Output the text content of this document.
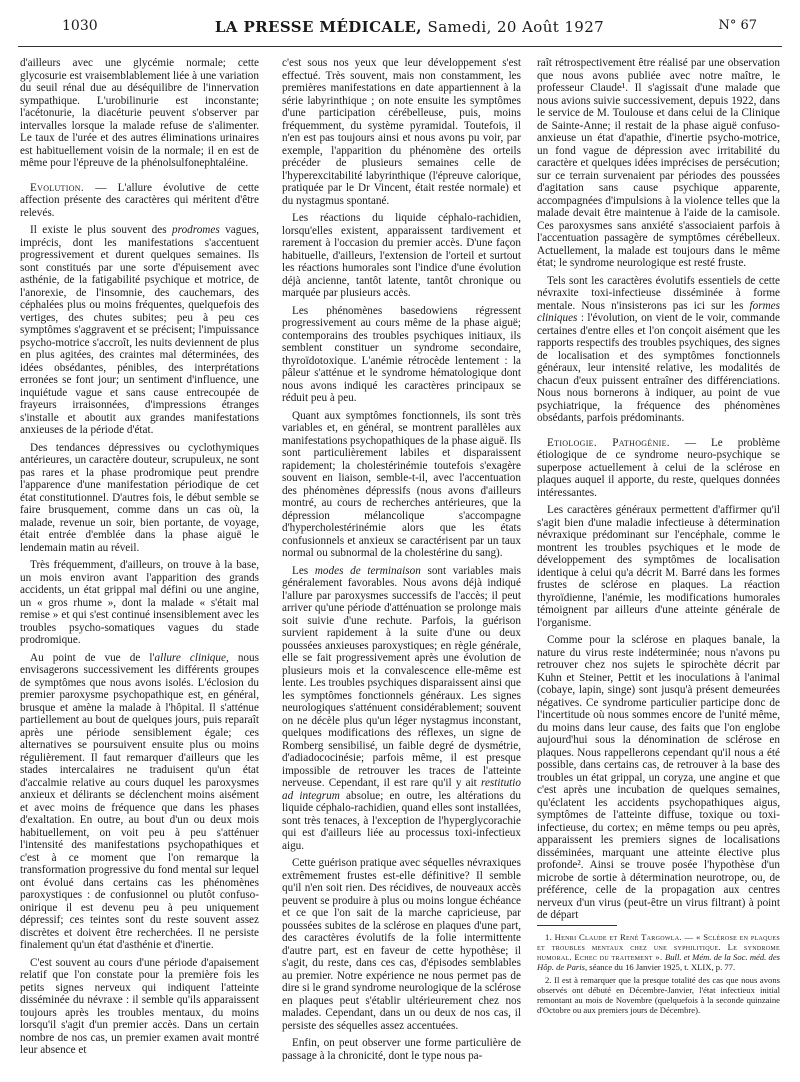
1030	LA PRESSE MÉDICALE, Samedi, 20 Août 1927	N° 67

d'ailleurs avec une glycémie normale; cette glycosurie est vraisemblablement liée à une variation du seuil rénal due au déséquilibre de l'innervation sympathique. L'urobilinurie est inconstante; l'acétonurie, la diacéturie peuvent s'observer par intervalles lorsque la malade refuse de s'alimenter. Le taux de l'urée et des autres éliminations urinaires est habituellement voisin de la normale; il en est de même pour l'épreuve de la phénolsulfonephtaléine.

Evolution. — L'allure évolutive de cette affection présente des caractères qui méritent d'être relevés.

Il existe le plus souvent des prodromes vagues, imprécis, dont les manifestations s'accentuent progressivement et durent quelques semaines. Ils sont constitués par une sorte d'épuisement avec asthénie, de la fatigabilité psychique et motrice, de l'anorexie, de l'insomnie, des cauchemars, des céphalées plus ou moins fréquentes, quelquefois des vertiges, des chutes subites; peu à peu ces symptômes s'aggravent et se précisent; l'impuissance psycho-motrice s'accroît, les nuits deviennent de plus en plus agitées, des craintes mal déterminées, des idées obsédantes, pénibles, des interprétations erronées se font jour; un sentiment d'influence, une inquiétude vague et sans cause entrecoupée de frayeurs irraisonnées, d'impressions étranges s'installe et aboutit aux grandes manifestations anxieuses de la période d'état.

Des tendances dépressives ou cyclothymiques antérieures, un caractère douteur, scrupuleux, ne sont pas rares et la phase prodromique peut prendre l'apparence d'une manifestation périodique de cet état constitutionnel. D'autres fois, le début semble se faire brusquement, comme dans un cas où, la malade, revenue un soir, bien portante, de voyage, était entrée d'emblée dans la phase aiguë le lendemain matin au réveil.

Très fréquemment, d'ailleurs, on trouve à la base, un mois environ avant l'apparition des grands accidents, un état grippal mal défini ou une angine, un « gros rhume », dont la malade « s'était mal remise » et qui s'est continué insensiblement avec les troubles psycho-somatiques vagues du stade prodromique.

Au point de vue de l'allure clinique, nous envisagerons successivement les différents groupes de symptômes que nous avons isolés. L'éclosion du premier paroxysme psychopathique est, en général, brusque et amène la malade à l'hôpital. Il s'atténue partiellement au bout de quelques jours, puis reparaît après une période sensiblement égale; ces alternatives se poursuivent ensuite plus ou moins régulièrement. Il faut remarquer d'ailleurs que les stades intercalaires ne traduisent qu'un état d'accalmie relative au cours duquel les paroxysmes anxieux et délirants se déclenchent moins aisément et avec moins de fréquence que dans les phases d'exaltation. En outre, au bout d'un ou deux mois habituellement, on voit peu à peu s'atténuer l'intensité des manifestations psychopathiques et c'est à ce moment que l'on remarque la transformation progressive du fond mental sur lequel ont évolué dans certains cas les phénomènes paroxystiques : de confusionnel ou plutôt confuso-onirique il est devenu peu à peu uniquement dépressif; ces teintes sont du reste souvent assez discrètes et doivent être recherchées. Il ne persiste finalement qu'un état d'asthénie et d'inertie.

C'est souvent au cours d'une période d'apaisement relatif que l'on constate pour la première fois les petits signes nerveux qui indiquent l'atteinte disséminée du névraxe : il semble qu'ils apparaissent toujours après les troubles mentaux, du moins lorsqu'il s'agit d'un premier accès. Dans un certain nombre de nos cas, un premier examen avait montré leur absence et

c'est sous nos yeux que leur développement s'est effectué. Très souvent, mais non constamment, les premières manifestations en date appartiennent à la série labyrinthique ; on note ensuite les symptômes d'une participation cérébelleuse, puis, moins fréquemment, du système pyramidal. Toutefois, il n'en est pas toujours ainsi et nous avons pu voir, par exemple, l'apparition du phénomène des orteils précéder de plusieurs semaines celle de l'hyperexcitabilité labyrinthique (l'épreuve calorique, pratiquée par le Dr Vincent, était restée normale) et du nystagmus spontané.

Les réactions du liquide céphalo-rachidien, lorsqu'elles existent, apparaissent tardivement et rarement à l'occasion du premier accès. D'une façon habituelle, d'ailleurs, l'extension de l'orteil et surtout les réactions humorales sont l'indice d'une évolution déjà ancienne, tantôt latente, tantôt chronique ou marquée par plusieurs accès.

Les phénomènes basedowiens régressent progressivement au cours même de la phase aiguë; contemporains des troubles psychiques initiaux, ils semblent constituer un syndrome secondaire, thyroïdotoxique. L'anémie rétrocède lentement : la pâleur s'atténue et le syndrome hématologique dont nous avons indiqué les caractères principaux se réduit peu à peu.

Quant aux symptômes fonctionnels, ils sont très variables et, en général, se montrent parallèles aux manifestations psychopathiques de la phase aiguë. Ils sont particulièrement labiles et disparaissent rapidement; la cholestérinémie toutefois s'exagère souvent en liaison, semble-t-il, avec l'accentuation des phénomènes dépressifs (nous avons d'ailleurs montré, au cours de recherches antérieures, que la dépression mélancolique s'accompagne d'hypercholestérinémie alors que les états confusionnels et anxieux se caractérisent par un taux normal ou subnormal de la cholestérine du sang).

Les modes de terminaison sont variables mais généralement favorables. Nous avons déjà indiqué l'allure par paroxysmes successifs de l'accès; il peut arriver qu'une période d'atténuation se prolonge mais soit suivie d'une rechute. Parfois, la guérison survient rapidement à la suite d'une ou deux poussées anxieuses paroxystiques; en règle générale, elle se fait progressivement après une évolution de plusieurs mois et la convalescence elle-même est lente. Les troubles psychiques disparaissent ainsi que les symptômes fonctionnels généraux. Les signes neurologiques s'atténuent considérablement; souvent on ne décèle plus qu'un léger nystagmus inconstant, quelques modifications des réflexes, un signe de Romberg sensibilisé, un faible degré de dysmétrie, d'adiadococinésie; parfois même, il est presque impossible de retrouver les traces de l'atteinte nerveuse. Cependant, il est rare qu'il y ait restitutio ad integrum absolue; en outre, les altérations du liquide céphalo-rachidien, quand elles sont installées, sont très tenaces, à l'exception de l'hyperglycorachie qui est d'ailleurs liée au processus toxi-infectieux aigu.

Cette guérison pratique avec séquelles névraxiques extrêmement frustes est-elle définitive? Il semble qu'il n'en soit rien. Des récidives, de nouveaux accès peuvent se produire à plus ou moins longue échéance et ce que l'on sait de la marche capricieuse, par poussées subites de la sclérose en plaques d'une part, des caractères évolutifs de la folie intermittente d'autre part, est en faveur de cette hypothèse; il s'agit, du reste, dans ces cas, d'épisodes semblables au premier. Notre expérience ne nous permet pas de dire si le grand syndrome neurologique de la sclérose en plaques peut s'établir ultérieurement chez nos malades. Cependant, dans un ou deux de nos cas, il persiste des séquelles assez accentuées.

Enfin, on peut observer une forme particulière de passage à la chronicité, dont le type nous pa-

raît rétrospectivement être réalisé par une observation que nous avons publiée avec notre maître, le professeur Claude¹. Il s'agissait d'une malade que nous avions suivie successivement, depuis 1922, dans le service de M. Toulouse et dans celui de la Clinique de Sainte-Anne; il restait de la phase aiguë confuso-anxieuse un état d'apathie, d'inertie psycho-motrice, un fond vague de dépression avec irritabilité du caractère et quelques idées imprécises de persécution; sur ce terrain survenaient par périodes des poussées d'agitation sans cause psychique apparente, accompagnées d'impulsions à la violence telles que la malade devait être maintenue à l'aide de la camisole. Ces paroxysmes sans anxiété s'associaient parfois à l'accentuation passagère de symptômes cérébelleux. Actuellement, la malade est toujours dans le même état; le syndrome neurologique est resté fruste.

Tels sont les caractères évolutifs essentiels de cette névraxite toxi-infectieuse disséminée à forme mentale. Nous n'insisterons pas ici sur les formes cliniques : l'évolution, on vient de le voir, commande certaines d'entre elles et l'on conçoit aisément que les rapports respectifs des troubles psychiques, des signes de localisation et des symptômes fonctionnels généraux, leur intensité relative, les modalités de chacun d'eux puissent entraîner des différenciations. Nous nous bornerons à indiquer, au point de vue psychiatrique, la fréquence des phénomènes obsédants, parfois prédominants.

Etiologie. Pathogénie. — Le problème étiologique de ce syndrome neuro-psychique se superpose actuellement à celui de la sclérose en plaques auquel il apporte, du reste, quelques données intéressantes.

Les caractères généraux permettent d'affirmer qu'il s'agit bien d'une maladie infectieuse à détermination névraxique prédominant sur l'encéphale, comme le montrent les troubles psychiques et le mode de développement des symptômes de localisation identique à celui qu'a décrit M. Barré dans les formes frustes de sclérose en plaques. La réaction thyroïdienne, l'anémie, les modifications humorales témoignent par ailleurs d'une atteinte générale de l'organisme.

Comme pour la sclérose en plaques banale, la nature du virus reste indéterminée; nous n'avons pu retrouver chez nos sujets le spirochète décrit par Kuhn et Steiner, Pettit et les inoculations à l'animal (cobaye, lapin, singe) sont jusqu'à présent demeurées négatives. Ce syndrome particulier participe donc de l'incertitude où nous sommes encore de l'unité même, du moins dans leur cause, des faits que l'on englobe aujourd'hui sous la dénomination de sclérose en plaques. Nous rappellerons cependant qu'il nous a été possible, dans certains cas, de retrouver à la base des troubles un état grippal, un coryza, une angine et que c'est après une incubation de quelques semaines, qu'éclatent les accidents psychopathiques aigus, symptômes de l'atteinte diffuse, toxique ou toxi-infectieuse, du cortex; en même temps ou peu après, apparaissent les premiers signes de localisations disséminées, marquant une atteinte élective plus profonde². Ainsi se trouve posée l'hypothèse d'un microbe de sortie à détermination neurotrope, ou, de préférence, celle de la propagation aux centres nerveux d'un virus (peut-être un virus filtrant) à point de départ

1. Henri Claude et René Targowla. — « Sclérose en plaques et troubles mentaux chez une syphilitique. Le syndrome humoral. Echec du traitement ». Bull. et Mém. de la Soc. méd. des Hôp. de Paris, séance du 16 Janvier 1925, t. XLIX, p. 77.

2. Il est à remarquer que la presque totalité des cas que nous avons observés ont débuté en Décembre-Janvier, l'état infectieux initial remontant au mois de Novembre (quelquefois à la seconde quinzaine d'Octobre ou aux premiers jours de Décembre).
